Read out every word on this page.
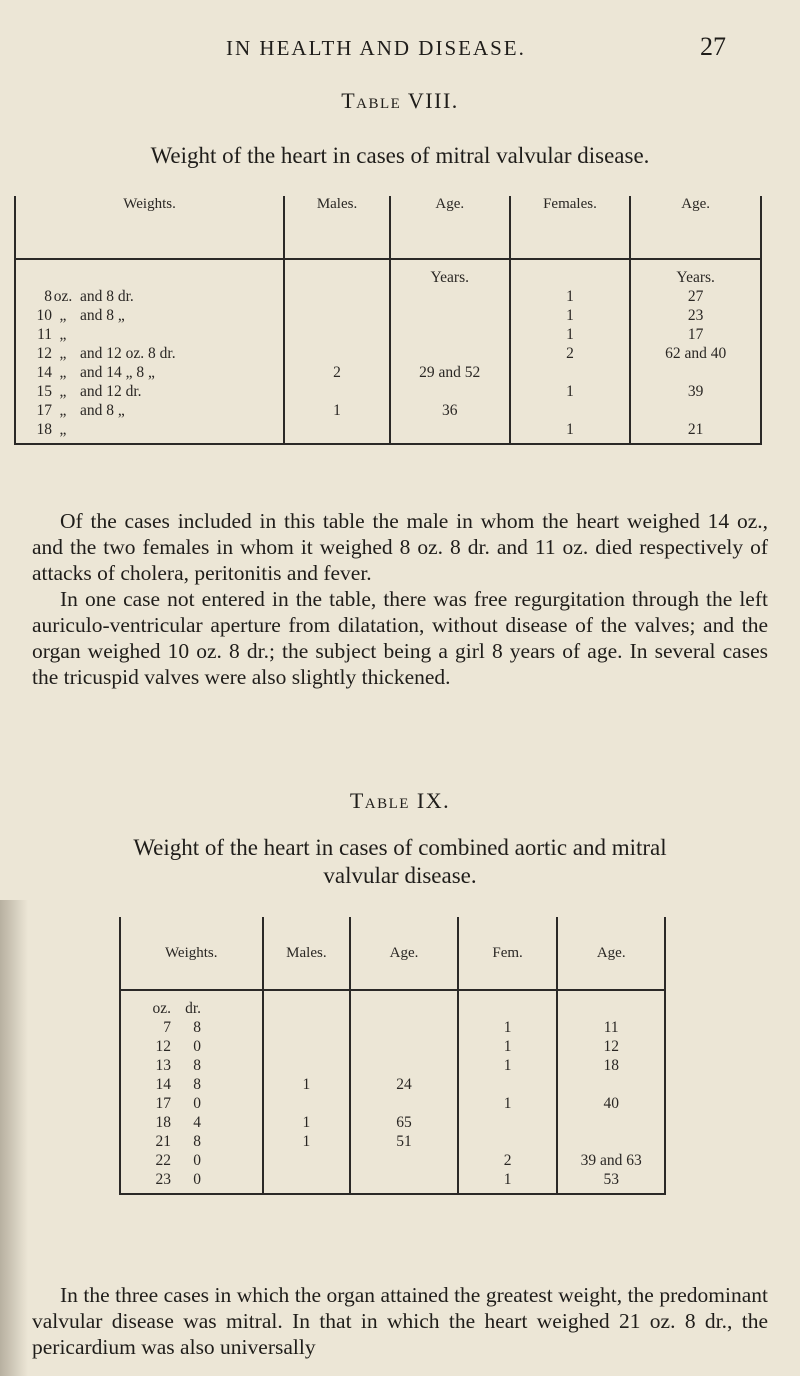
IN HEALTH AND DISEASE.	27
Table VIII.
Weight of the heart in cases of mitral valvular disease.
Weights.	Males.	Age.	Females.	Age.
		Years.		Years.
8 oz. and 8 dr.			1	27
10 „ and 8 „			1	23
11 „			1	17
12 „ and 12 oz. 8 dr.			2	62 and 40
14 „ and 14 „ 8 „	2	29 and 52		
15 „ and 12 dr.			1	39
17 „ and 8 „	1	36		
18 „			1	21

Of the cases included in this table the male in whom the heart weighed 14 oz., and the two females in whom it weighed 8 oz. 8 dr. and 11 oz. died respectively of attacks of cholera, peritonitis and fever.

In one case not entered in the table, there was free regurgitation through the left auriculo-ventricular aperture from dilatation, without disease of the valves; and the organ weighed 10 oz. 8 dr.; the subject being a girl 8 years of age. In several cases the tricuspid valves were also slightly thickened.

Table IX.
Weight of the heart in cases of combined aortic and mitral
valvular disease.
Weights.	Males.	Age.	Fem.	Age.
oz. dr.				
7 8			1	11
12 0			1	12
13 8			1	18
14 8	1	24		
17 0			1	40
18 4	1	65		
21 8	1	51		
22 0			2	39 and 63
23 0			1	53

In the three cases in which the organ attained the greatest weight, the predominant valvular disease was mitral. In that in which the heart weighed 21 oz. 8 dr., the pericardium was also universally
